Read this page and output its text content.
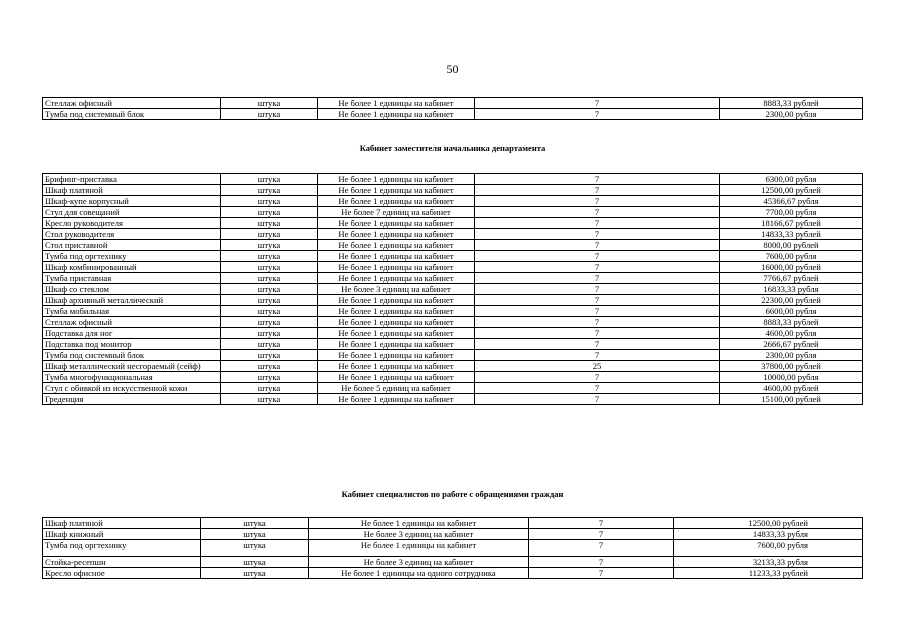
50
Стеллаж офисный	штука	Не более 1 единицы на кабинет	7	8883,33 рублей
Тумба под системный блок	штука	Не более 1 единицы на кабинет	7	2300,00 рубля
Кабинет заместителя начальника департамента
Брифинг-приставка	штука	Не более 1 единицы на кабинет	7	6300,00 рубля
Шкаф платяной	штука	Не более 1 единицы на кабинет	7	12500,00 рублей
Шкаф-купе корпусный	штука	Не более 1 единицы на кабинет	7	45366,67 рубля
Стул для совещаний	штука	Не более 7 единиц на кабинет	7	7700,00 рубля
Кресло руководителя	штука	Не более 1 единицы на кабинет	7	18166,67 рублей
Стол руководителя	штука	Не более 1 единицы на кабинет	7	14833,33 рублей
Стол приставной	штука	Не более 1 единицы на кабинет	7	8000,00 рублей
Тумба под оргтехнику	штука	Не более 1 единицы на кабинет	7	7600,00 рубля
Шкаф комбинированный	штука	Не более 1 единицы на кабинет	7	16000,00 рублей
Тумба приставная	штука	Не более 1 единицы на кабинет	7	7766,67 рублей
Шкаф со стеклом	штука	Не более 3 единиц на кабинет	7	16833,33 рубля
Шкаф архивный металлический	штука	Не более 1 единицы на кабинет	7	22300,00 рублей
Тумба мобильная	штука	Не более 1 единицы на кабинет	7	6600,00 рубля
Стеллаж офисный	штука	Не более 1 единицы на кабинет	7	8883,33 рублей
Подставка для ног	штука	Не более 1 единицы на кабинет	7	4600,00 рубля
Подставка под монитор	штука	Не более 1 единицы на кабинет	7	2666,67 рублей
Тумба под системный блок	штука	Не более 1 единицы на кабинет	7	2300,00 рубля
Шкаф металлический несгораемый (сейф)	штука	Не более 1 единицы на кабинет	25	37800,00 рублей
Тумба многофункциональная	штука	Не более 1 единицы на кабинет	7	10000,00 рубля
Стул с обивкой из искусственной кожи	штука	Не более 5 единиц на кабинет	7	4600,00 рублей
Греденция	штука	Не более 1 единицы на кабинет	7	15100,00 рублей
Кабинет специалистов по работе с обращениями граждан
Шкаф платяной	штука	Не более 1 единицы на кабинет	7	12500,00 рублей
Шкаф книжный	штука	Не более 3 единиц на кабинет	7	14833,33 рубля
Тумба под оргтехнику	штука	Не более 1 единицы на кабинет	7	7600,00 рубля
Стойка-ресепшн	штука	Не более 3 единиц на кабинет	7	32133,33 рубля
Кресло офисное	штука	Не более 1 единицы на одного сотрудника	7	11233,33 рублей
